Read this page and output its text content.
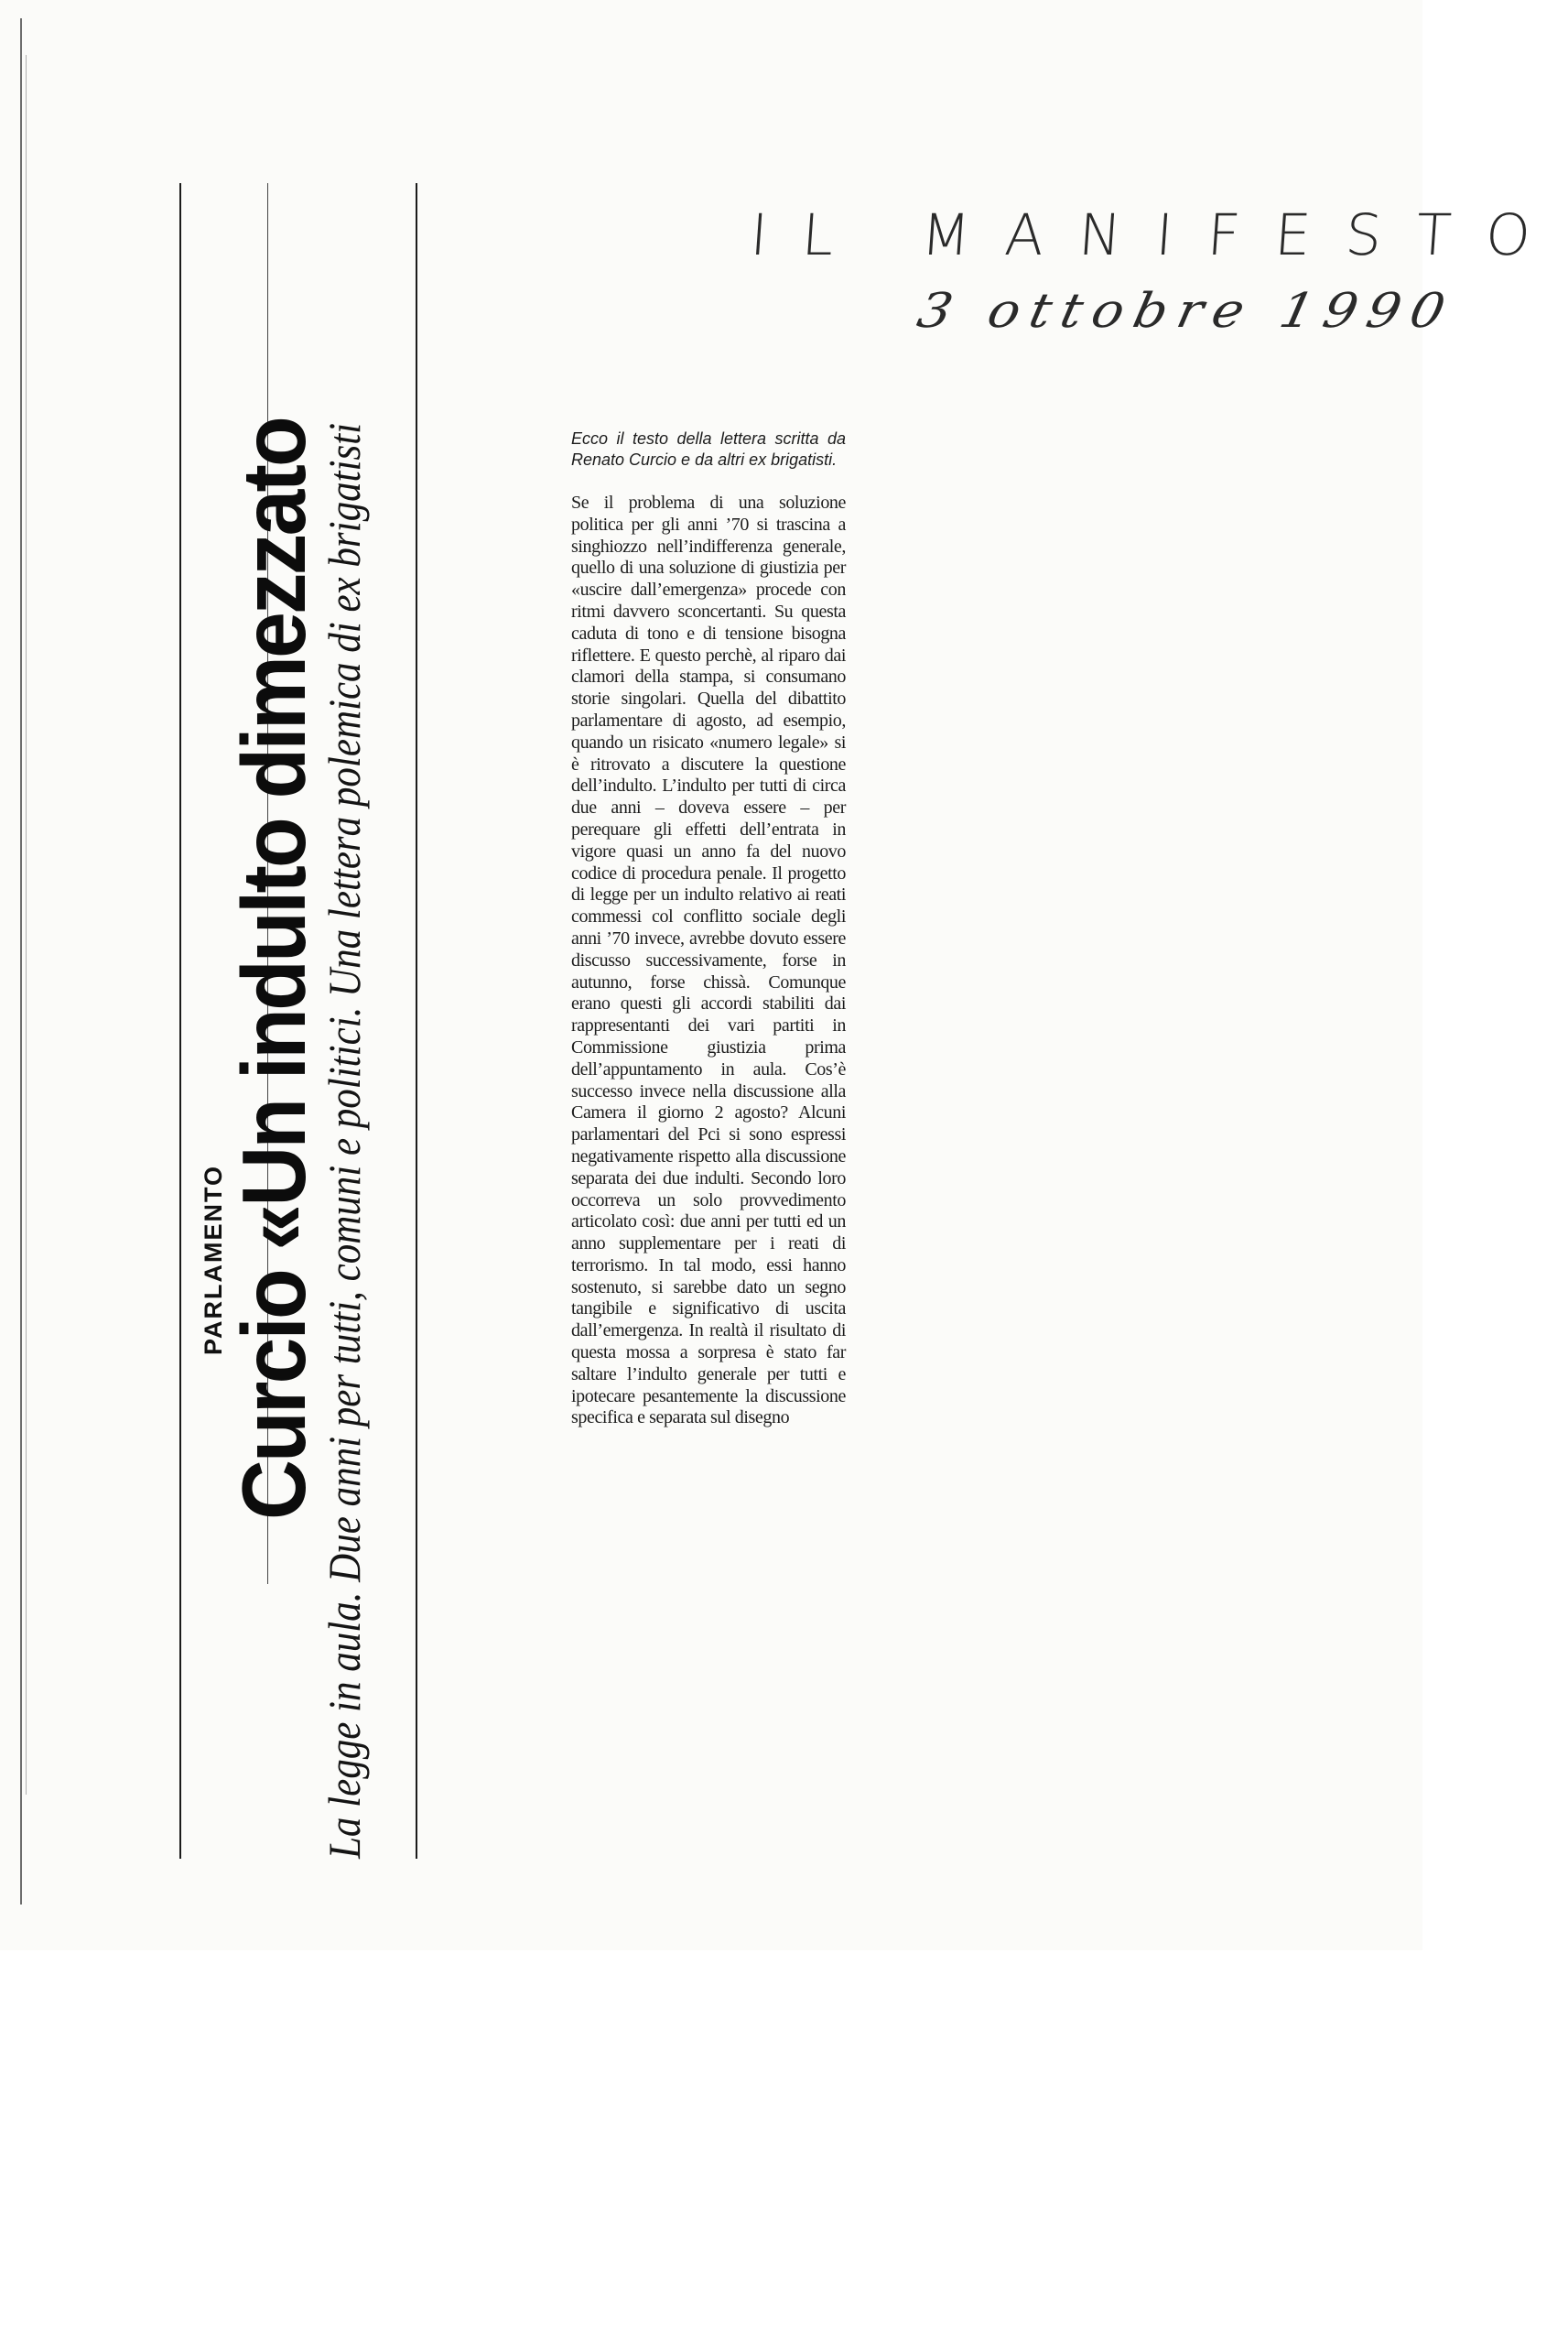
PARLAMENTO
Curcio «Un indulto dimezzato
La legge in aula. Due anni per tutti, comuni e politici. Una lettera polemica di ex brigatisti
IL MANIFESTO
3 ottobre 1990

Ecco il testo della lettera scritta da Renato Curcio e da altri ex brigatisti.

Se il problema di una soluzione politica per gli anni ’70 si trascina a singhiozzo nell’indifferenza generale, quello di una soluzione di giustizia per «uscire dall’emergenza» procede con ritmi davvero sconcertanti. Su questa caduta di tono e di tensione bisogna riflettere. E questo perchè, al riparo dai clamori della stampa, si consumano storie singolari. Quella del dibattito parlamentare di agosto, ad esempio, quando un risicato «numero legale» si è ritrovato a discutere la questione dell’indulto. L’indulto per tutti di circa due anni – doveva essere – per perequare gli effetti dell’entrata in vigore quasi un anno fa del nuovo codice di procedura penale. Il progetto di legge per un indulto relativo ai reati commessi col conflitto sociale degli anni ’70 invece, avrebbe dovuto essere discusso successivamente, forse in autunno, forse chissà. Comunque erano questi gli accordi stabiliti dai rappresentanti dei vari partiti in Commissione giustizia prima dell’appuntamento in aula. Cos’è successo invece nella discussione alla Camera il giorno 2 agosto? Alcuni parlamentari del Pci si sono espressi negativamente rispetto alla discussione separata dei due indulti. Secondo loro occorreva un solo provvedimento articolato così: due anni per tutti ed un anno supplementare per i reati di terrorismo. In tal modo, essi hanno sostenuto, si sarebbe dato un segno tangibile e significativo di uscita dall’emergenza. In realtà il risultato di questa mossa a sorpresa è stato far saltare l’indulto generale per tutti e ipotecare pesantemente la discussione specifica e separata sul disegno
